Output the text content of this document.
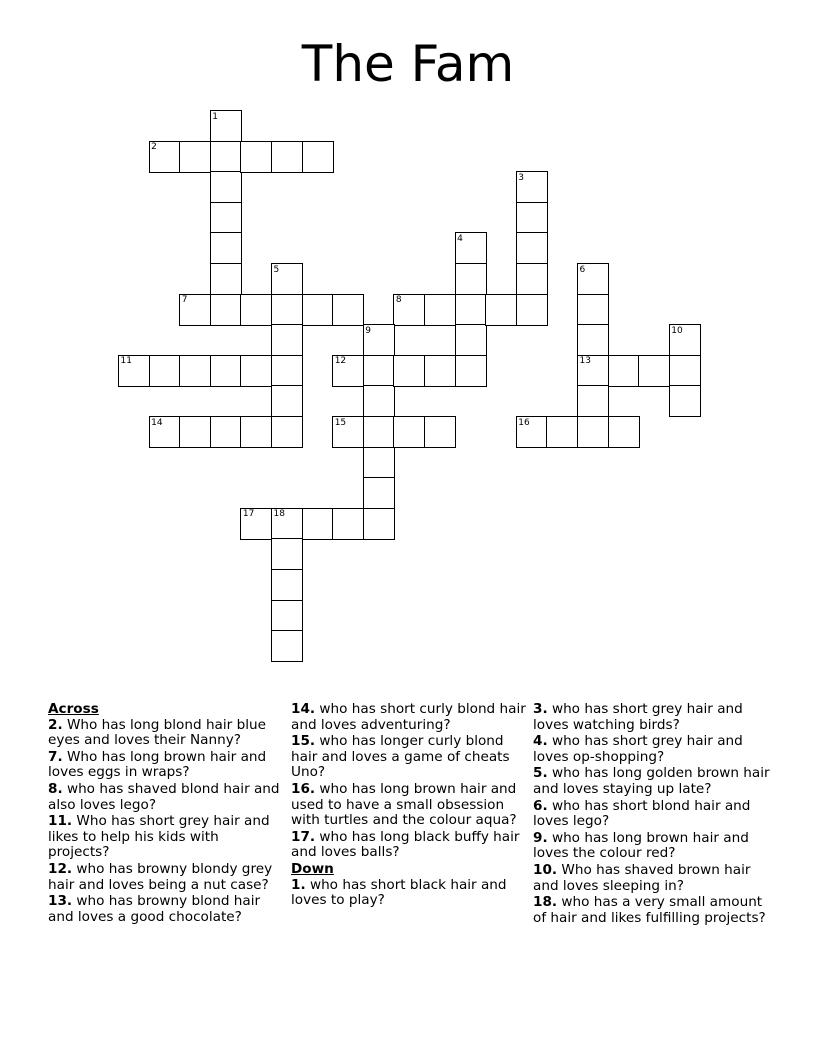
The Fam
1
2
3
4
5	6
7	8
9	10
11	12	13
14	15	16
17 18
Across
2. Who has long blond hair blue eyes and loves their Nanny?
7. Who has long brown hair and loves eggs in wraps?
8. who has shaved blond hair and also loves lego?
11. Who has short grey hair and likes to help his kids with projects?
12. who has browny blondy grey hair and loves being a nut case?
13. who has browny blond hair and loves a good chocolate?
14. who has short curly blond hair and loves adventuring?
15. who has longer curly blond hair and loves a game of cheats Uno?
16. who has long brown hair and used to have a small obsession with turtles and the colour aqua?
17. who has long black buffy hair and loves balls?
Down
1. who has short black hair and loves to play?
3. who has short grey hair and loves watching birds?
4. who has short grey hair and loves op-shopping?
5. who has long golden brown hair and loves staying up late?
6. who has short blond hair and loves lego?
9. who has long brown hair and loves the colour red?
10. Who has shaved brown hair and loves sleeping in?
18. who has a very small amount of hair and likes fulfilling projects?
